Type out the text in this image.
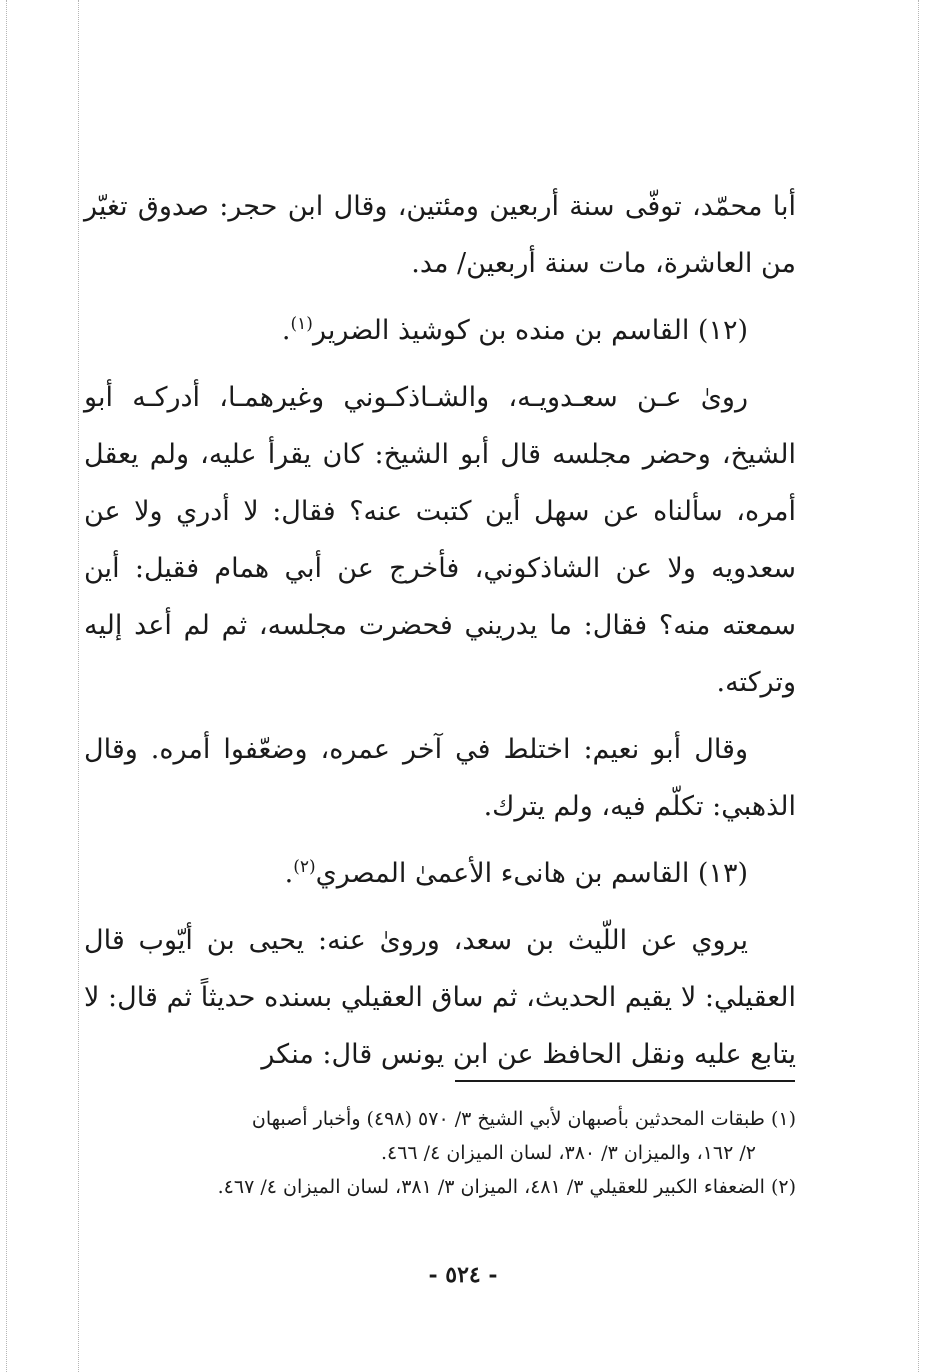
أبا محمّد، توفّى سنة أربعين ومئتين، وقال ابن حجر: صدوق تغيّر من العاشرة، مات سنة أربعين/ مد.

(١٢) القاسم بن منده بن كوشيذ الضرير$^{(١)}$.

روىٰ عـن سعـدويـه، والشـاذكـوني وغيرهمـا، أدركـه أبو الشيخ، وحضر مجلسه قال أبو الشيخ: كان يقرأ عليه، ولم يعقل أمره، سألناه عن سهل أين كتبت عنه؟ فقال: لا أدري ولا عن سعدويه ولا عن الشاذكوني، فأخرج عن أبي همام فقيل: أين سمعته منه؟ فقال: ما يدريني فحضرت مجلسه، ثم لم أعد إليه وتركته.

وقال أبو نعيم: اختلط في آخر عمره، وضعّفوا أمره. وقال الذهبي: تكلّم فيه، ولم يترك.

(١٣) القاسم بن هانىء الأعمىٰ المصري$^{(٢)}$.

يروي عن اللّيث بن سعد، وروىٰ عنه: يحيى بن أيّوب قال العقيلي: لا يقيم الحديث، ثم ساق العقيلي بسنده حديثاً ثم قال: لا يتابع عليه ونقل الحافظ عن ابن يونس قال: منكر

(١) طبقات المحدثين بأصبهان لأبي الشيخ ٣/ ٥٧٠ (٤٩٨) وأخبار أصبهان

٢/ ١٦٢، والميزان ٣/ ٣٨٠، لسان الميزان ٤/ ٤٦٦.

(٢) الضعفاء الكبير للعقيلي ٣/ ٤٨١، الميزان ٣/ ٣٨١، لسان الميزان ٤/ ٤٦٧.

- ٥٢٤ -
